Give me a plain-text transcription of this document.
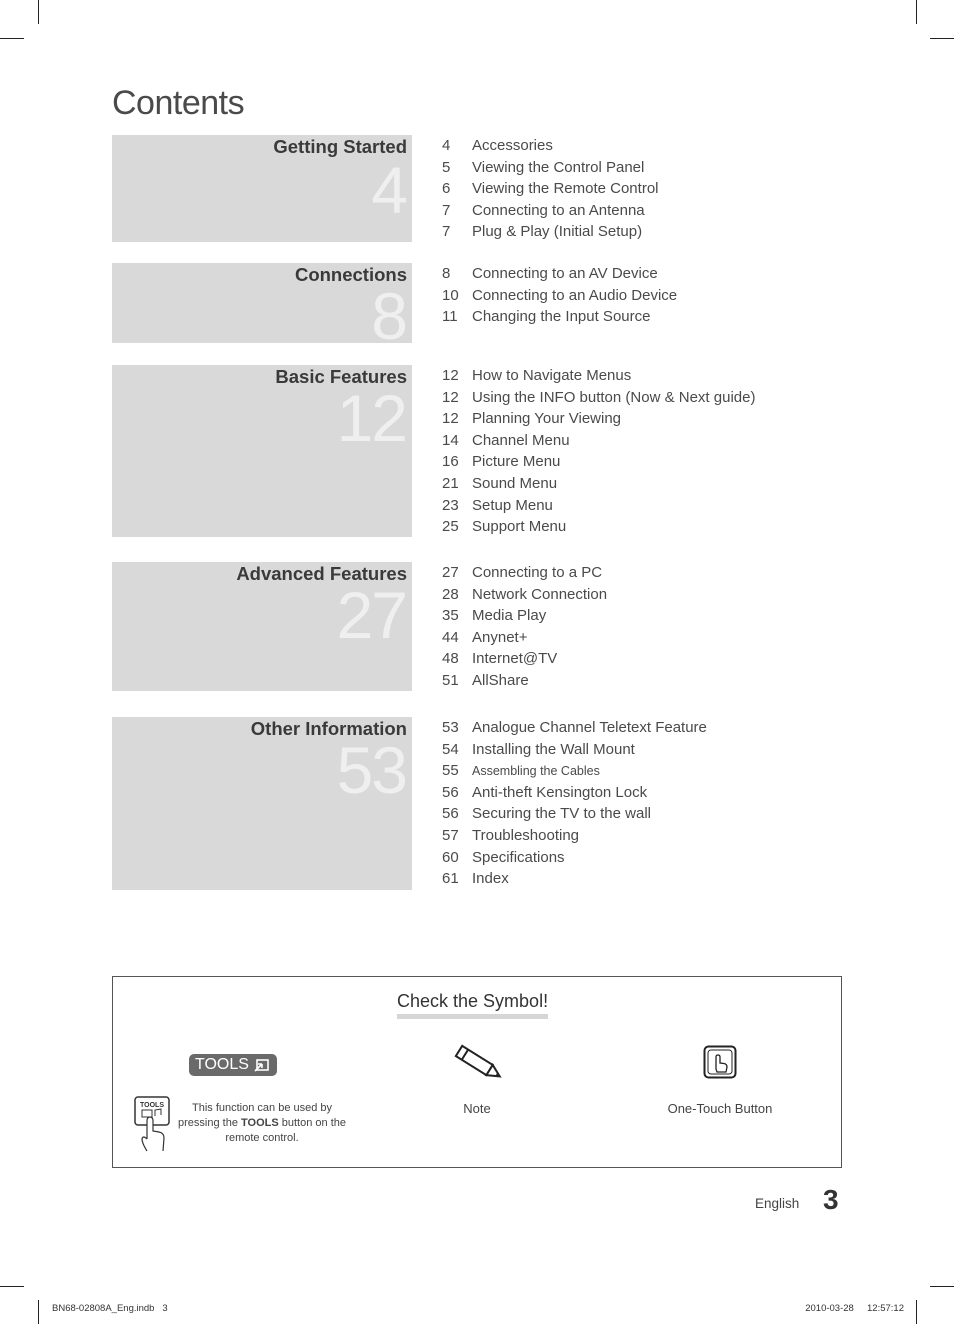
Contents
Getting Started
4
4 Accessories
5 Viewing the Control Panel
6 Viewing the Remote Control
7 Connecting to an Antenna
7 Plug & Play (Initial Setup)
Connections
8
8 Connecting to an AV Device
10 Connecting to an Audio Device
11 Changing the Input Source
Basic Features
12
12 How to Navigate Menus
12 Using the INFO button (Now & Next guide)
12 Planning Your Viewing
14 Channel Menu
16 Picture Menu
21 Sound Menu
23 Setup Menu
25 Support Menu
Advanced Features
27
27 Connecting to a PC
28 Network Connection
35 Media Play
44 Anynet+
48 Internet@TV
51 AllShare
Other Information
53
53 Analogue Channel Teletext Feature
54 Installing the Wall Mount
55 Assembling the Cables
56 Anti-theft Kensington Lock
56 Securing the TV to the wall
57 Troubleshooting
60 Specifications
61 Index
Check the Symbol!
TOOLS
TOOLS	This function can be used by pressing the TOOLS button on the remote control.
Note	One-Touch Button
English 3
BN68-02808A_Eng.indb   3	2010-03-28     12:57:12
